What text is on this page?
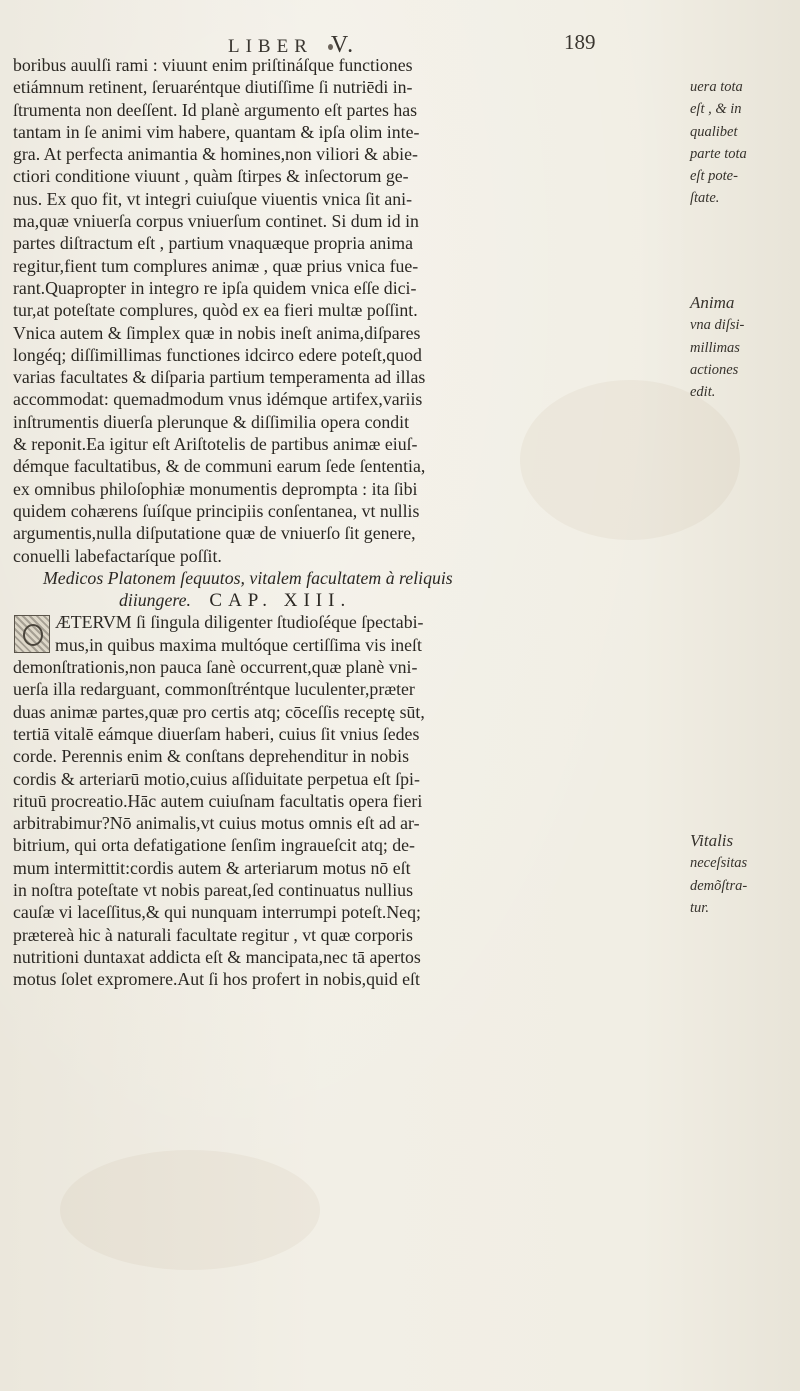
LIBER V.	189
boribus auulſi rami : viuunt enim priſtináſque functiones
etiámnum retinent, ſeruaréntque diutiſſime ſi nutriēdi in-
ſtrumenta non deeſſent. Id planè argumento eſt partes has
tantam in ſe animi vim habere, quantam & ipſa olim inte-
gra. At perfecta animantia & homines,non viliori & abie-
ctiori conditione viuunt , quàm ſtirpes & inſectorum ge-
nus. Ex quo fit, vt integri cuiuſque viuentis vnica ſit ani-
ma,quæ vniuerſa corpus vniuerſum continet. Si dum id in
partes diſtractum eſt , partium vnaquæque propria anima
regitur,fient tum complures animæ , quæ prius vnica fue-
rant.Quapropter in integro re ipſa quidem vnica eſſe dici-
tur,at poteſtate complures, quòd ex ea fieri multæ poſſint.
Vnica autem & ſimplex quæ in nobis ineſt anima,diſpares
longéq; diſſimillimas functiones idcirco edere poteſt,quod
varias facultates & diſparia partium temperamenta ad illas
accommodat: quemadmodum vnus idémque artifex,variis
inſtrumentis diuerſa plerunque & diſſimilia opera condit
& reponit.Ea igitur eſt Ariſtotelis de partibus animæ eiuſ-
démque facultatibus, & de communi earum ſede ſententia,
ex omnibus philoſophiæ monumentis deprompta : ita ſibi
quidem cohærens ſuíſque principiis conſentanea, vt nullis
argumentis,nulla diſputatione quæ de vniuerſo ſit genere,
conuelli labefactaríque poſſit.
Medicos Platonem ſequutos, vitalem facultatem à reliquis
diiungere. CAP. XIII.
ÆTERVM ſi ſingula diligenter ſtudioſéque ſpectabi-
mus,in quibus maxima multóque certiſſima vis ineſt
demonſtrationis,non pauca ſanè occurrent,quæ planè vni-
uerſa illa redarguant, commonſtréntque luculenter,præter
duas animæ partes,quæ pro certis atq; cōceſſis receptę sūt,
tertiā vitalē eámque diuerſam haberi, cuius ſit vnius ſedes
corde. Perennis enim & conſtans deprehenditur in nobis
cordis & arteriarū motio,cuius aſſiduitate perpetua eſt ſpi-
rituū procreatio.Hāc autem cuiuſnam facultatis opera fieri
arbitrabimur?Nō animalis,vt cuius motus omnis eſt ad ar-
bitrium, qui orta defatigatione ſenſim ingraueſcit atq; de-
mum intermittit:cordis autem & arteriarum motus nō eſt
in noſtra poteſtate vt nobis pareat,ſed continuatus nullius
cauſæ vi laceſſitus,& qui nunquam interrumpi poteſt.Neq;
prætereà hic à naturali facultate regitur , vt quæ corporis
nutritioni duntaxat addicta eſt & mancipata,nec tā apertos
motus ſolet expromere.Aut ſi hos profert in nobis,quid eſt
uera tota
eſt , & in
qualibet
parte tota
eſt pote-
ſtate.
Anima
vna diſsi-
millimas
actiones
edit.
Vitalis
neceſsitas
demõſtra-
tur.
